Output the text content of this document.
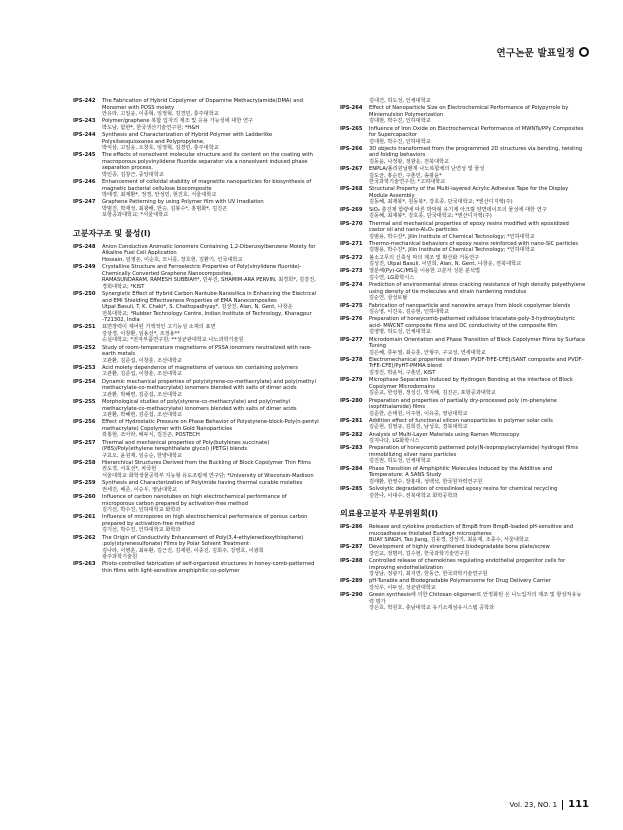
연구논문 발표일정
IPS-242	The Fabrication of Hybrid Copolymer of Dopamine Methacrylamide(DMA) and Monomer with POSS moiety
안유라, 고일웅, 이종혁, 임정혁, 김경민, 충주대학교
IPS-243	Polymer/graphene 복합 입자의 제조 및 응용 가능성에 대한 연구
박도남, 함한*, 한국생산기술연구원; *H&H
IPS-244	Synthesis and Characterization of Hybrid Polymer with Ladderlike Polysilsesquioxanes and Polypropylene,
박익삼, 고일웅, 오창호, 임정혁, 김경민, 충주대학교
IPS-245	The effects of nonsolvent molecular structure and its content on the coating with macroporous polyvinylidene fluoride separator via a nonsolvent induced phase separation process,
박민종, 김창근, 중앙대학교
IPS-246	Enhancement of colloidal stability of magnetite nanoparticles for biosynthesis of magnetic bacterial cellulose biocomposite
박태경, 최재환*, 정경, 안성민, 현진호, 서울대학교
IPS-247	Graphene Patterning by using Polymer film with UV Irradiation
박범진, 박재성, 최광해, 한승, 김봉수*, 홍범화*, 김진곤
포항공과대학교; *서울대학교
고분자구조 및 물성(I)
IPS-248	Anion Conductive Aromatic Ionomers Containing 1,2-Dibenzoylbenzene Moiety for Alkaline Fuel Cell Application
Hossain, 임영돈, 이순호, 모니를, 장호현, 김환기, 인국대학교
IPS-249	Crystalline Structure and Ferroelectric Properties of Poly(vinylidene fluoride)-Chemically Converted Graphene Nanocomposites,
RAMASUNDARAM, RAMESH SUBBIAH*, 민두진, SHAMIM-ARA PERVIN, 최경희*, 김강진,
경희대학교; *KIST
IPS-250	Synergistic Effect of Hybrid Carbon Nantube-Nanosilica in Enhancing the Electrical and EMI Shielding Effectiveness Properties of EMA Nanocomposites
Utpal Basuli, T. K. Chaki*, S. Chattopadhyay*, 김상진, Alan, N. Gent, 나창운
전북대학교; *Rubber Technology Centre, Indian Institute of Technology, Kharagpur -721302, India
IPS-251	표면장력이 제어된 기액적인 고기능성 소재의 표면
강상경, 이창환, 임용선*, 조정용**
승실대학교; *전자부품연구원; **성균관대학교 나노과학기술원
IPS-252	Study of room-temperature magnetisms of PSSA ionomers neutralized with rare-earth metals
고관환, 김준섭, 이창훈, 조선대학교
IPS-253	Acid moiety dependence of magnetisms of various ion containing polymers
고관환, 김준섭, 이창훈, 조선대학교
IPS-254	Dynamic mechanical properties of poly(styrene-co-methacrylate) and poly(methyl methacrylate-co-methacrylate) ionomers blended with salts of dimer acids
고관환, 박혜련, 김준섭, 조선대학교
IPS-255	Morphological studies of poly(styrene-co-methacrylate) and poly(methyl methacrylate-co-methacrylate) ionomers blended with salts of dimer acids
고관환, 박혜련, 김준섭, 조선대학교
IPS-256	Effect of Hydrostatic Pressure on Phase Behavior of Polystyrene-block-Poly(n-pentyl methacrylate) Copolymer with Gold Nanoparticles
곽홍현, 조아라, 배두식, 김진곤, POSTECH
IPS-257	Thermal and mechanical properties of Poly(butylenes succinate) (PBS)/Poly(ethylene terephthalate glycol) (PETG) blends
구효오, 윤원재, 임승순, 한양대학교
IPS-258	Hierarchical Structures Derived from the Buckling of Block Copolymer Thin Films
권도경, 서효선*, 차국헌
서울대학교 화학생물공학부 지능형 유도조립체 연구단; *University of Wisconsin-Madison
IPS-259	Synthesis and Characterization of Polyimide having thermal curable moieties
권세진, 배준, 이승우, 영남대학교
IPS-260	Influence of carbon nanotubes on high electrochemical performance of microporous carbon prepared by activation-free method
김기선, 박수진, 인하대학교 화학과
IPS-261	Influence of micropores on high electrochemical performance of porous carbon prepared by activation-free method
김기선, 박수진, 인하대학교 화학과
IPS-262	The Origin of Conductivity Enhancement of Poly(3,4-ethylenedioxythiophene) :poly(styrenesulfonate) Films by Polar Solvent Treatment
김나라, 이병훈, 최두환, 김근진, 김재현, 이종진, 김희주, 강영호, 이광희
광주과학기술원
IPS-263	Photo-controlled fabrication of self-organized structures in honey-comb-patterned thin films with light-sensitive amphiphilic co-polymer
김대건, 허도성, 인체대학교
IPS-264	Effect of Nanoparticle Size on Electrochemical Performance of Polypyrrole by Miniemulsion Polymerization
김대현, 박수진, 인하대학교
IPS-265	Influence of Iron Oxide on Electrochemical Performance of MWNTs/PPy Composites for Supercapacitor
김대현, 박수진, 인하대학교
IPS-266	3D objects transformed from the programmed 2D structures via bending, twisting and folding behaviors
김동윤, 나정왕, 정광운, 전북대학교
IPS-267	ENPLA/폴리원닐렌계 나노복합체의 난연성 및 물성
김도균, 홍순만, 구춘민, 송광윤*
한국과학기술연구원; *고려대학교
IPS-268	Structural Property of the Multi-layered Acrylic Adhesive Tape for the Display Module Assembly
김동혜, 최재봉*, 원동복*, 강호종, 단국대학교; *엔산디지렉(주)
IPS-269	SiO₂ 충진제 함량에 따른 박막형 유기제 아크릴 양면테이프의 물성에 대한 연구
김동혜, 최재봉*, 강호종, 단국대학교; *엔산디지렉(주)
IPS-270	Thermal and mechanical properties of epoxy resins modified with epoxidized castor oil and nano-Al₂O₃ particles
김범용, 박수진*, Jilin Institute of Chemical Technology; *인하대학교
IPS-271	Thermo-mechanical behaviors of epoxy resins reinforced with nano-SiC particles
김범용, 박수진*, Jilin Institute of Chemical Technology; *인하대학교
IPS-272	불소고무의 신축성 막의 제조 및 확산화 거동연구
김성진, Utpal Basuli, 이민희, Alan, N. Gent, 나창운, 전북대학교
IPS-273	열분해(Py)-GC/MS를 이용한 고분자 성분 분석법
김수연, LG화학시스
IPS-274	Prediction of environmental stress cracking resistance of high density polyethylene using density of tie molecules and strain hardening modulus
김순연, 삼성토탈
IPS-275	Fabrication of nanoparticle and nanowire arrays from block copolymer blends
김승영, 이진욱, 김승현, 인하대학교
IPS-276	Preparation of honeycomb-patterned cellulose triacetate-poly-3-hydroxybutyric acid- MWCNT composite films and DC conductivity of the composite film
김영명, 허도성, 인체대학교
IPS-277	Microdomain Orientation and Phase Transition of Block Copolymer Films by Surface Tuning
김은혜, 류두열, 최승훈, 안형주, 구교성, 연세대학교
IPS-278	Electromechanical properties of drawn PVDF-TrFE-CFE)/SANT composite and PVDF-TrFE-CFE)/PyHT-PMMA blend
김정진, 박윤억, 구춘민, KIST
IPS-279	Microphase Separation Induced by Hydrogen Bonding at the interface of Block Copolymer Microdomains
김준교, 한성현, 정성신, 박지혜, 김진곤, 포항공과대학교
IPS-280	Preparation and properties of partially dry-processed poly (m-phenylene isophthalamide) films
김준한, 손태원, 이주현, 이유중, 영남대학교
IPS-281	Addition effect of functional silicon nanoparticles in polymer solar cells
김준현, 김영규, 김희진, 남성호, 경북대학교
IPS-282	Analysis of Multi-Layer Materials using Raman Microscopy
김지나다, LG화학시스
IPS-283	Preparation of honeycomb patterned poly(N-isopropylacrylamide) hydrogel films immobilizing silver nano particles
김진권, 허도성, 인체대학교
IPS-284	Phase Transition of Amphiphilic Molecules Induced by the Additive and Temperature: A SANS Study
김태환, 한영수, 장홍대, 성백석, 한국원자력연구원
IPS-285	Solvolytic degradation of crosslinked epoxy resins for chemical recycling
김한나, 이대수, 전북대학교 화학공학과
의료용고분자 부문위원회(I)
IPS-286	Release and cytokine production of BmpB from BmpB-loaded pH-sensitive and mucoadhesive thiolated Eudragit microspheres
BUAY SINGH, Tao Jiang, 김유경, 강상기, 최윤재, 조종수, 서울대학교
IPS-287	Development of highly strengthened biodegradable bone plate/screw
강민교, 정명미, 김수현, 한국과학기술연구원
IPS-288	Controlled release of chemokines regulating endothelial progenitor cells for improving endothelialization
강성남, 정광기, 최지연, 한동근, 한국과학기술연구원
IPS-289	pH-Tunable and Biodegradable Polymersome for Drug Delivery Carrier
강석우, 이두성, 성균관대학교
IPS-290	Green synthesis에 의한 Chitosan oligomer로 안정화된 은 나노입자의 제조 및 항상처유능력 평가
강은호, 박원호, 충남대학교 유기소재섬유시스템 공학과
Vol. 23, NO. 1 111
